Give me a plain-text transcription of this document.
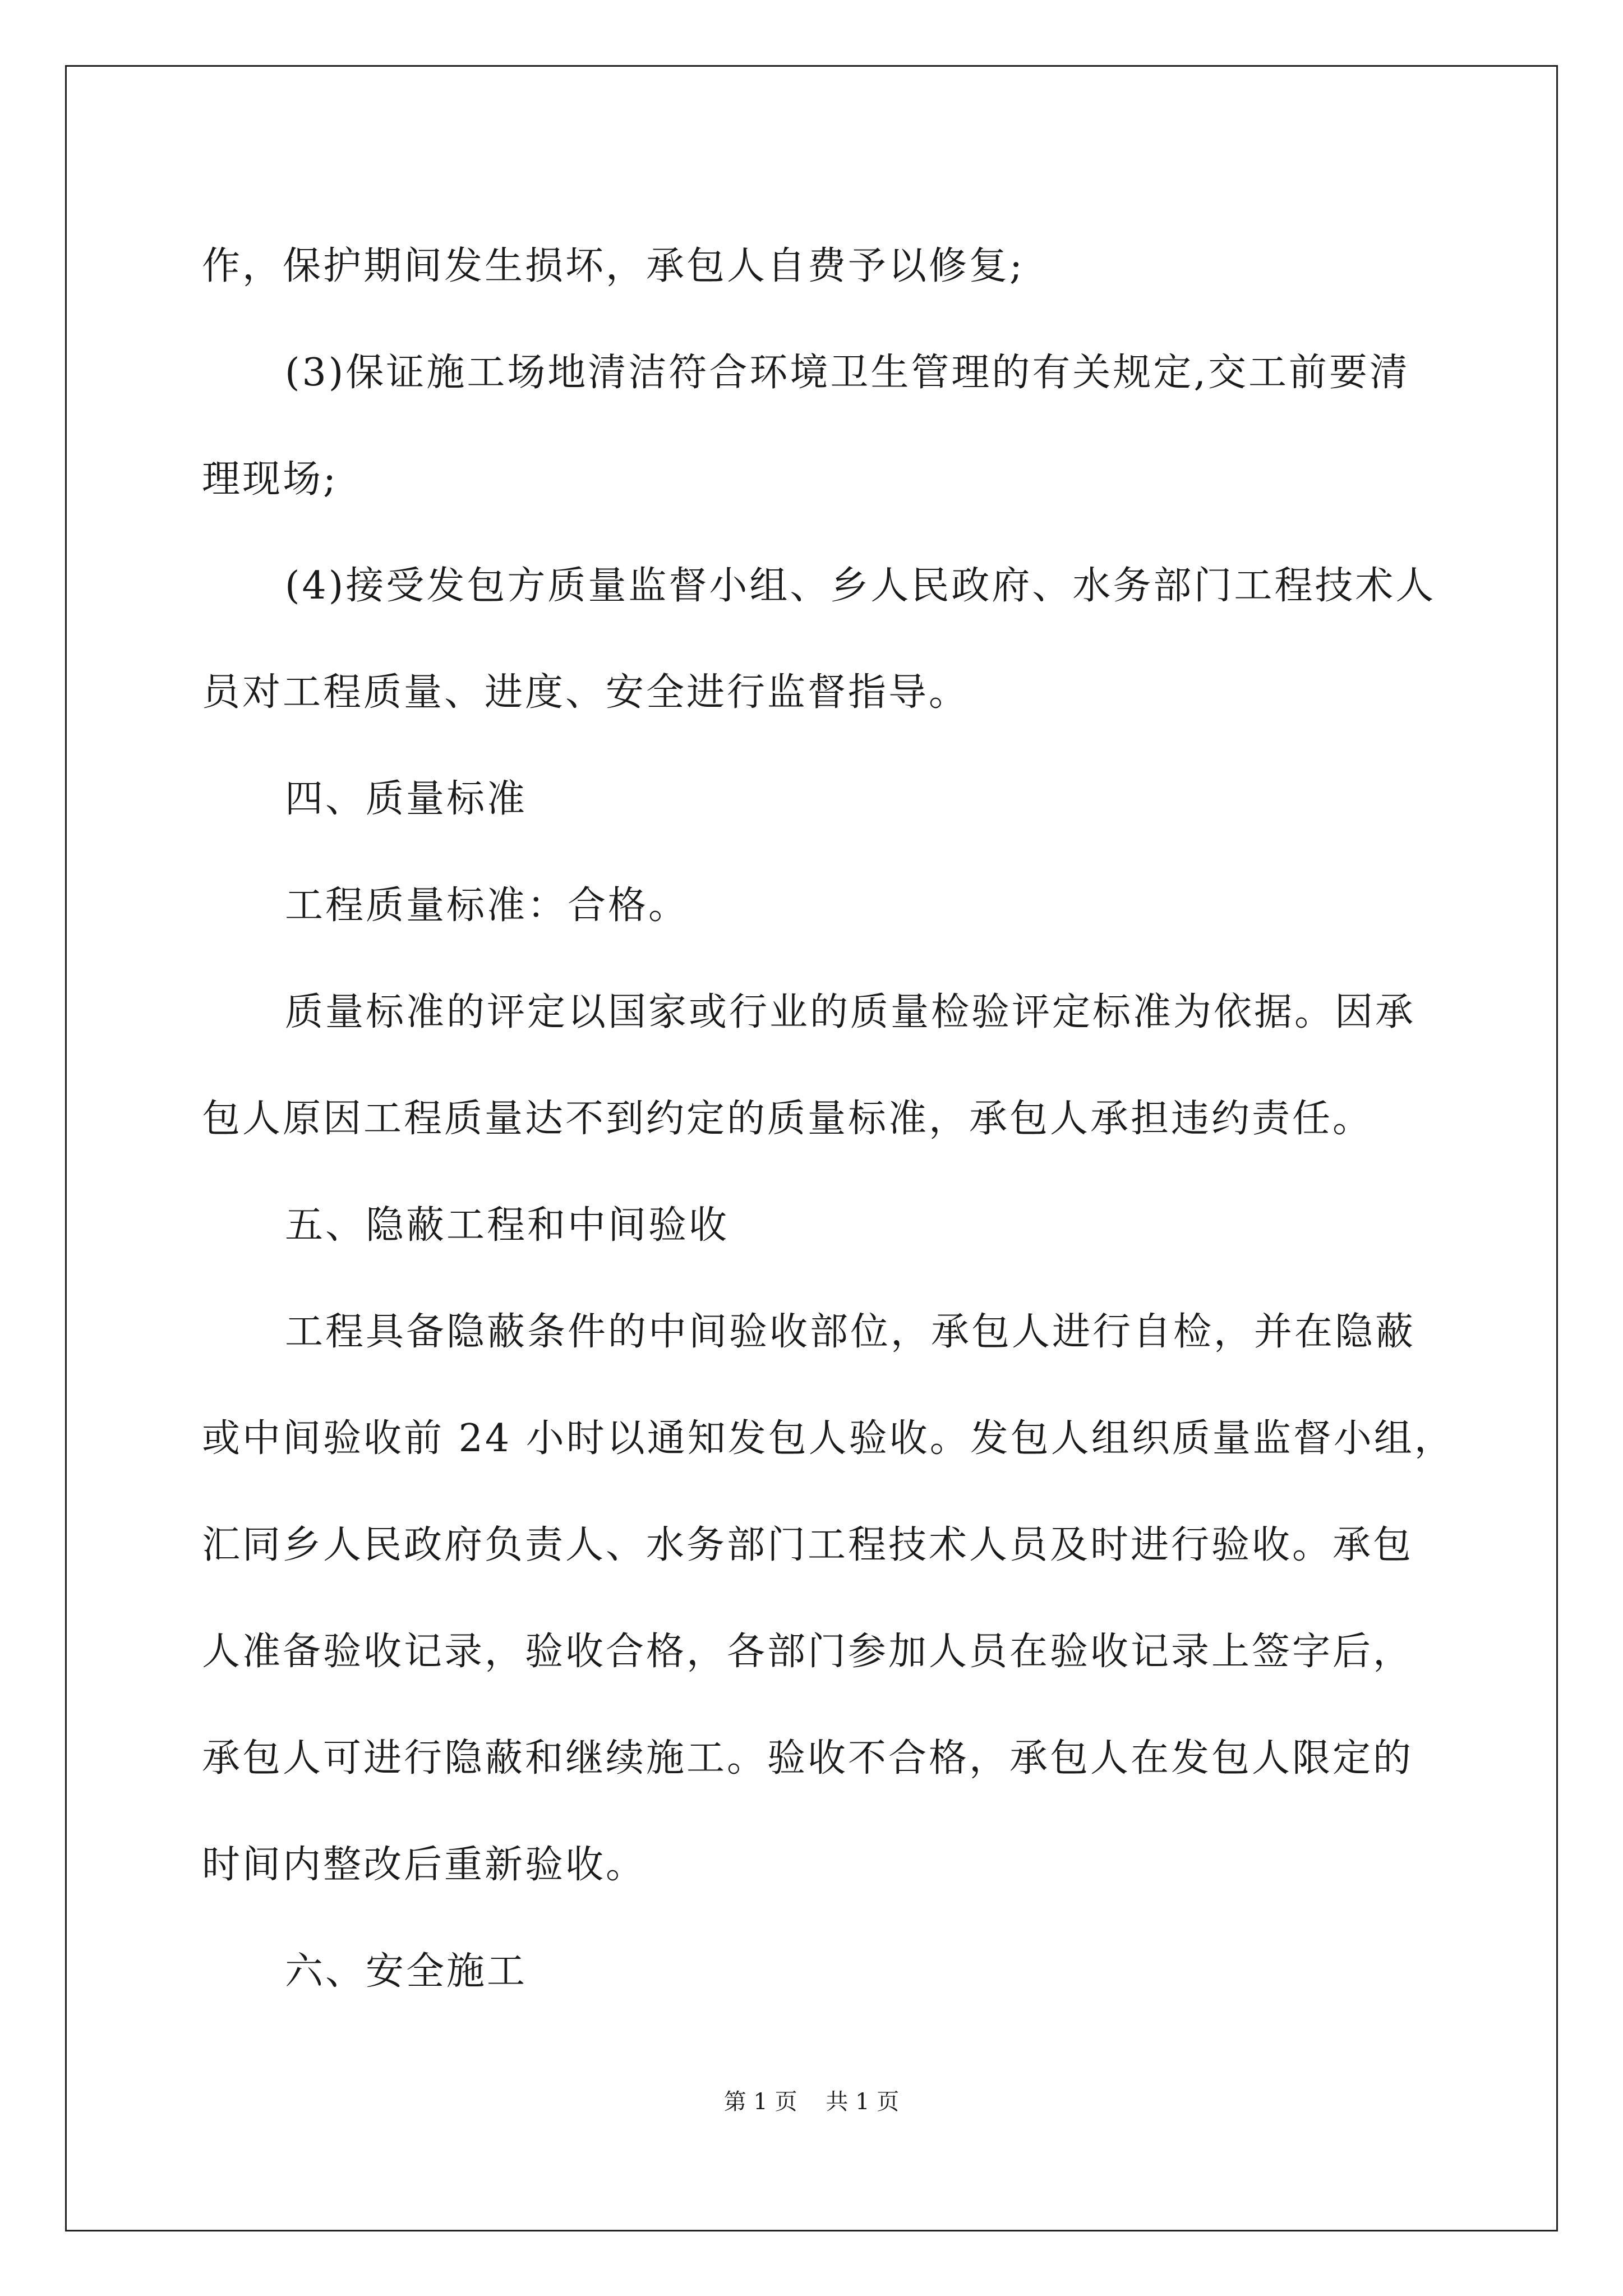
作，保护期间发生损坏，承包人自费予以修复;
(3)保证施工场地清洁符合环境卫生管理的有关规定,交工前要清
理现场;
(4)接受发包方质量监督小组、乡人民政府、水务部门工程技术人
员对工程质量、进度、安全进行监督指导。
四、质量标准
工程质量标准：合格。
质量标准的评定以国家或行业的质量检验评定标准为依据。因承
包人原因工程质量达不到约定的质量标准，承包人承担违约责任。
五、隐蔽工程和中间验收
工程具备隐蔽条件的中间验收部位，承包人进行自检，并在隐蔽
或中间验收前 24 小时以通知发包人验收。发包人组织质量监督小组，
汇同乡人民政府负责人、水务部门工程技术人员及时进行验收。承包
人准备验收记录，验收合格，各部门参加人员在验收记录上签字后，
承包人可进行隐蔽和继续施工。验收不合格，承包人在发包人限定的
时间内整改后重新验收。
六、安全施工
第 1 页    共 1 页
